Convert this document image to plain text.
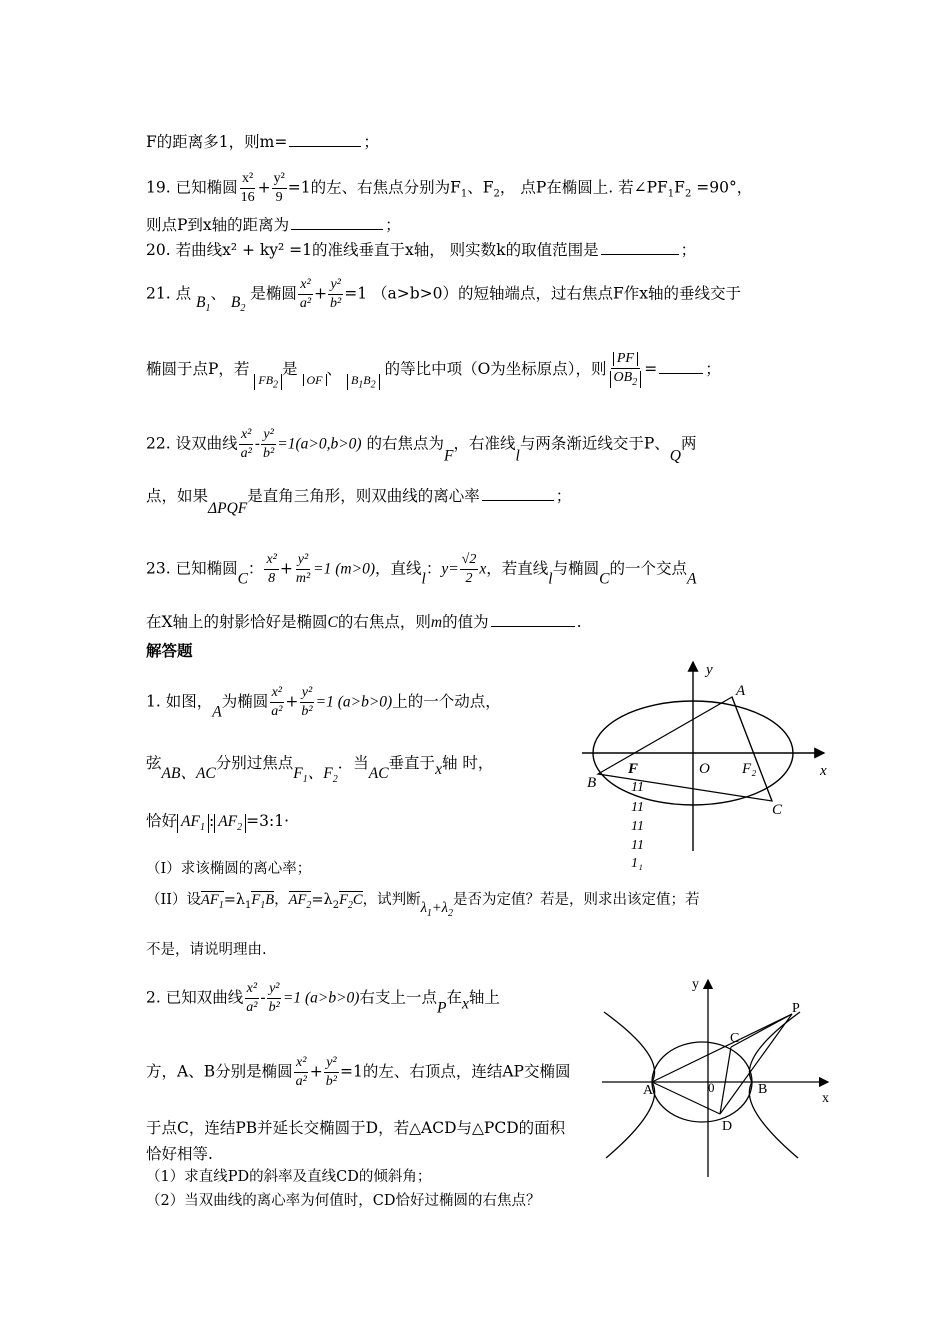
F的距离多1，则m=	；
19. 已知椭圆 $\frac{\text{x²}}{16} + \frac{\text{y²}}{9} =1$的左、右焦点分别为$F_1$、$F_2$， 点P在椭圆上. 若$\angle PF_1F_2 =90^\circ$，
则点P到x轴的距离为	；
20. 若曲线x² + ky² =1的准线垂直于x轴， 则实数k的取值范围是	；
21. 点 $B_1$、 $B_2$ 是椭圆 $\frac{\text{x²}}{\text{a²}} + \frac{\text{y²}}{\text{b²}} =1$ （a>b>0）的短轴端点，过右焦点F作x轴的垂线交于
椭圆于点P，若 $FB_2$是 OF、 $B_1B_2$ 的等比中项（O为坐标原点），则 $\frac{PF}{OB_2}$ =	；
22. 设双曲线 $\frac{\text{x²}}{\text{a²}} - \frac{\text{y²}}{\text{b²}} =1(a>0,b>0)$ 的右焦点为F，右准线l与两条渐近线交于P、Q两
点，如果ΔPQF是直角三角形，则双曲线的离心率	；
23. 已知椭圆C： $\frac{\text{x²}}{8} + \frac{\text{y²}}{\text{m²}} =1$ (m>0)，直线l：$y= \frac{√2}{2}$ x，若直线l与椭圆C的一个交点A
在X轴上的射影恰好是椭圆C的右焦点，则m的值为	.
解答题
1. 如图，A为椭圆 $\frac{\text{x²}}{\text{a²}} + \frac{\text{y²}}{\text{b²}} =1$ (a>b>0)上的一个动点，
弦AB、AC分别过焦点$F_1$、$F_2$．当AC垂直于x轴 时，
恰好 $AF_1$ : $AF_2$ =3:1·
（I）求该椭圆的离心率；
（II）设$AF_1=\lambda_1F_1B$，$AF_2=\lambda_2F_2C$，试判断$\lambda_1+\lambda_2$是否为定值？若是，则求出该定值；若
不是，请说明理由.
y
A
x
F	O F₂
B
C
11
11
11
11
1₁
2. 已知双曲线 $\frac{\text{x²}}{\text{a²}} - \frac{\text{y²}}{\text{b²}} =1$ (a>b>0)右支上一点P在x轴上
方，A、B分别是椭圆 $\frac{\text{x²}}{\text{a²}} + \frac{\text{y²}}{\text{b²}} =1$的左、右顶点，连结AP交椭圆
于点C，连结PB并延长交椭圆于D，若△ACD与△PCD的面积
恰好相等.
（1）求直线PD的斜率及直线CD的倾斜角；
（2）当双曲线的离心率为何值时，CD恰好过椭圆的右焦点？
y
P
C
A	0	B
D
x
